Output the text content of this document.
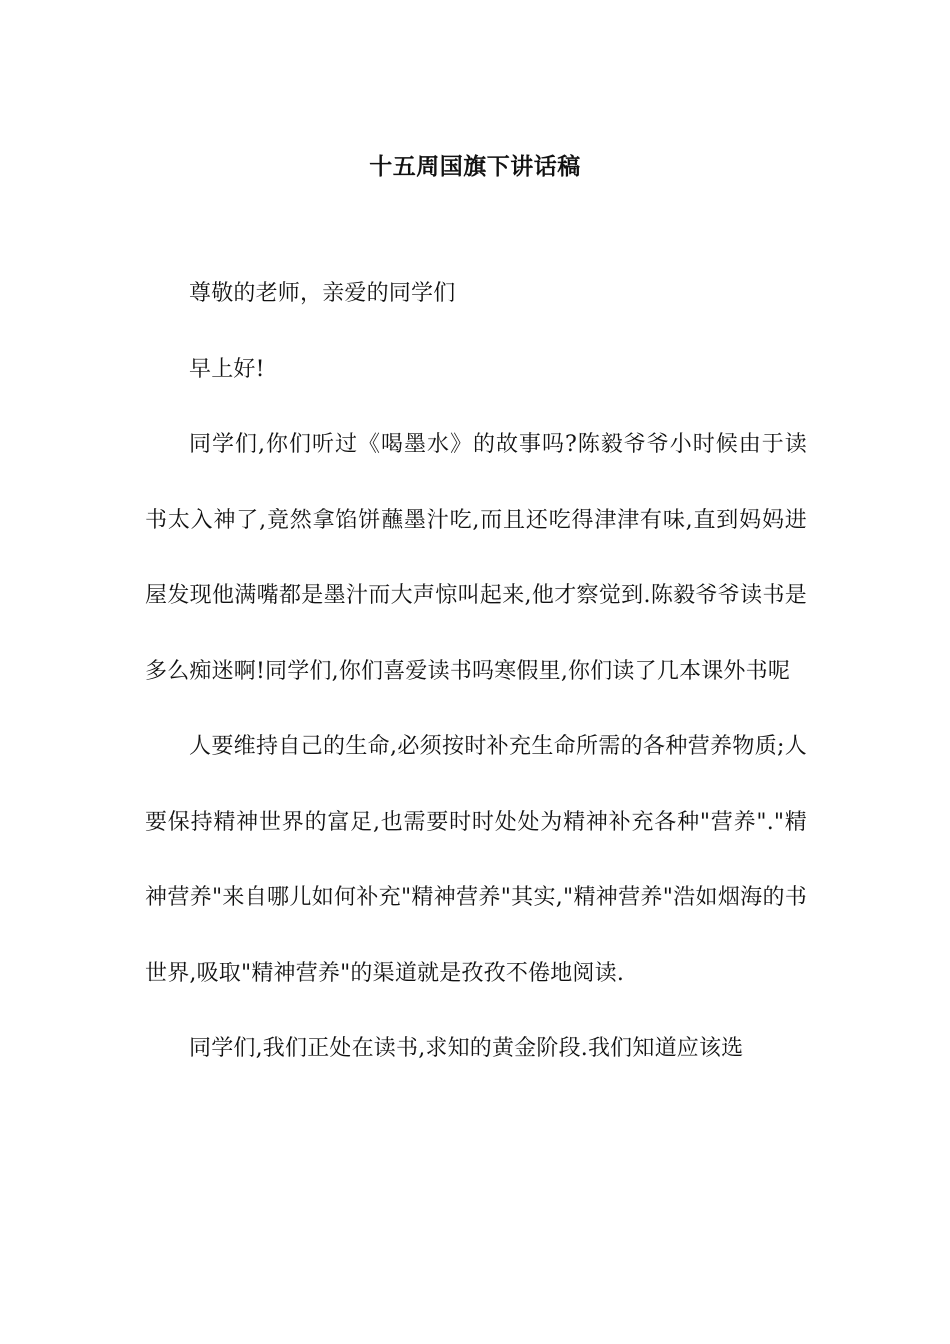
十五周国旗下讲话稿

尊敬的老师，亲爱的同学们

早上好!

同学们,你们听过《喝墨水》的故事吗?陈毅爷爷小时候由于读书太入神了,竟然拿馅饼蘸墨汁吃,而且还吃得津津有味,直到妈妈进屋发现他满嘴都是墨汁而大声惊叫起来,他才察觉到.陈毅爷爷读书是多么痴迷啊!同学们,你们喜爱读书吗寒假里,你们读了几本课外书呢

人要维持自己的生命,必须按时补充生命所需的各种营养物质;人要保持精神世界的富足,也需要时时处处为精神补充各种"营养"."精神营养"来自哪儿如何补充"精神营养"其实,"精神营养"浩如烟海的书世界,吸取"精神营养"的渠道就是孜孜不倦地阅读.

同学们,我们正处在读书,求知的黄金阶段.我们知道应该选
